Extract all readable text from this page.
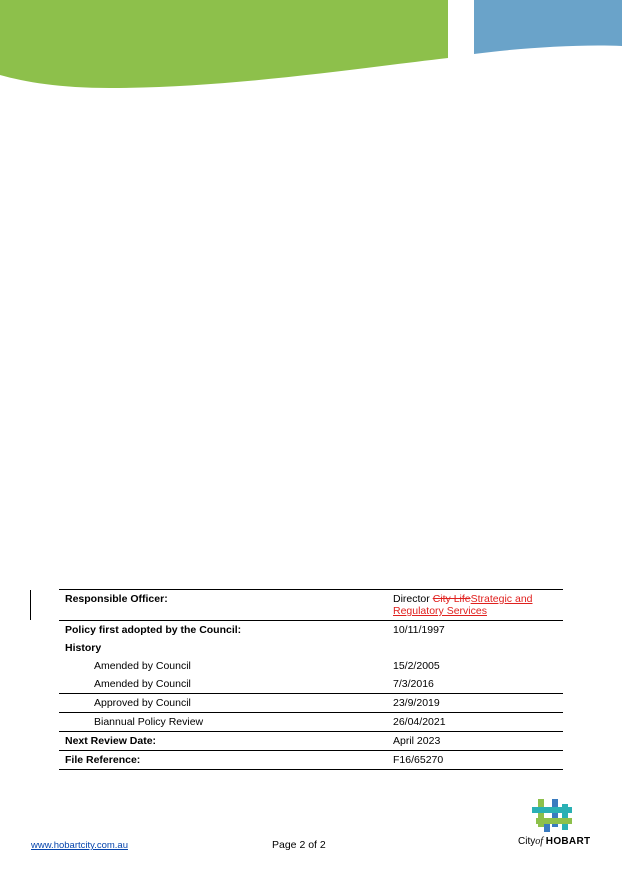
Responsible Officer:	Director City LifeStrategic and Regulatory Services
Policy first adopted by the Council:	10/11/1997
History	
Amended by Council	15/2/2005
Amended by Council	7/3/2016
Approved by Council	23/9/2019
Biannual Policy Review	26/04/2021
Next Review Date:	April 2023
File Reference:	F16/65270
www.hobartcity.com.au	Page 2 of 2	Cityof HOBART
